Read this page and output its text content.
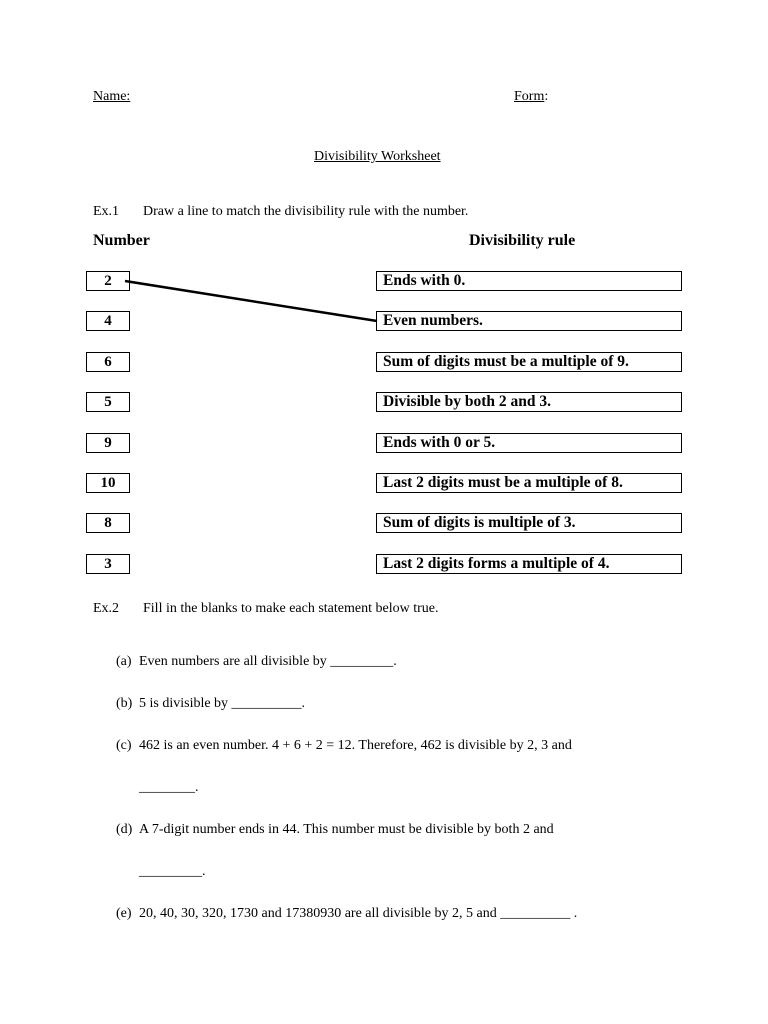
Name:	Form:
Divisibility Worksheet
Ex.1 Draw a line to match the divisibility rule with the number.
Number	Divisibility rule
2
4
6
5
9
10
8
3
Ends with 0.
Even numbers.
Sum of digits must be a multiple of 9.
Divisible by both 2 and 3.
Ends with 0 or 5.
Last 2 digits must be a multiple of 8.
Sum of digits is multiple of 3.
Last 2 digits forms a multiple of 4.
Ex.2 Fill in the blanks to make each statement below true.
(a) Even numbers are all divisible by _________.
(b) 5 is divisible by __________.
(c) 462 is an even number. 4 + 6 + 2 = 12. Therefore, 462 is divisible by 2, 3 and
________.
(d) A 7-digit number ends in 44. This number must be divisible by both 2 and
_________.
(e) 20, 40, 30, 320, 1730 and 17380930 are all divisible by 2, 5 and __________ .
